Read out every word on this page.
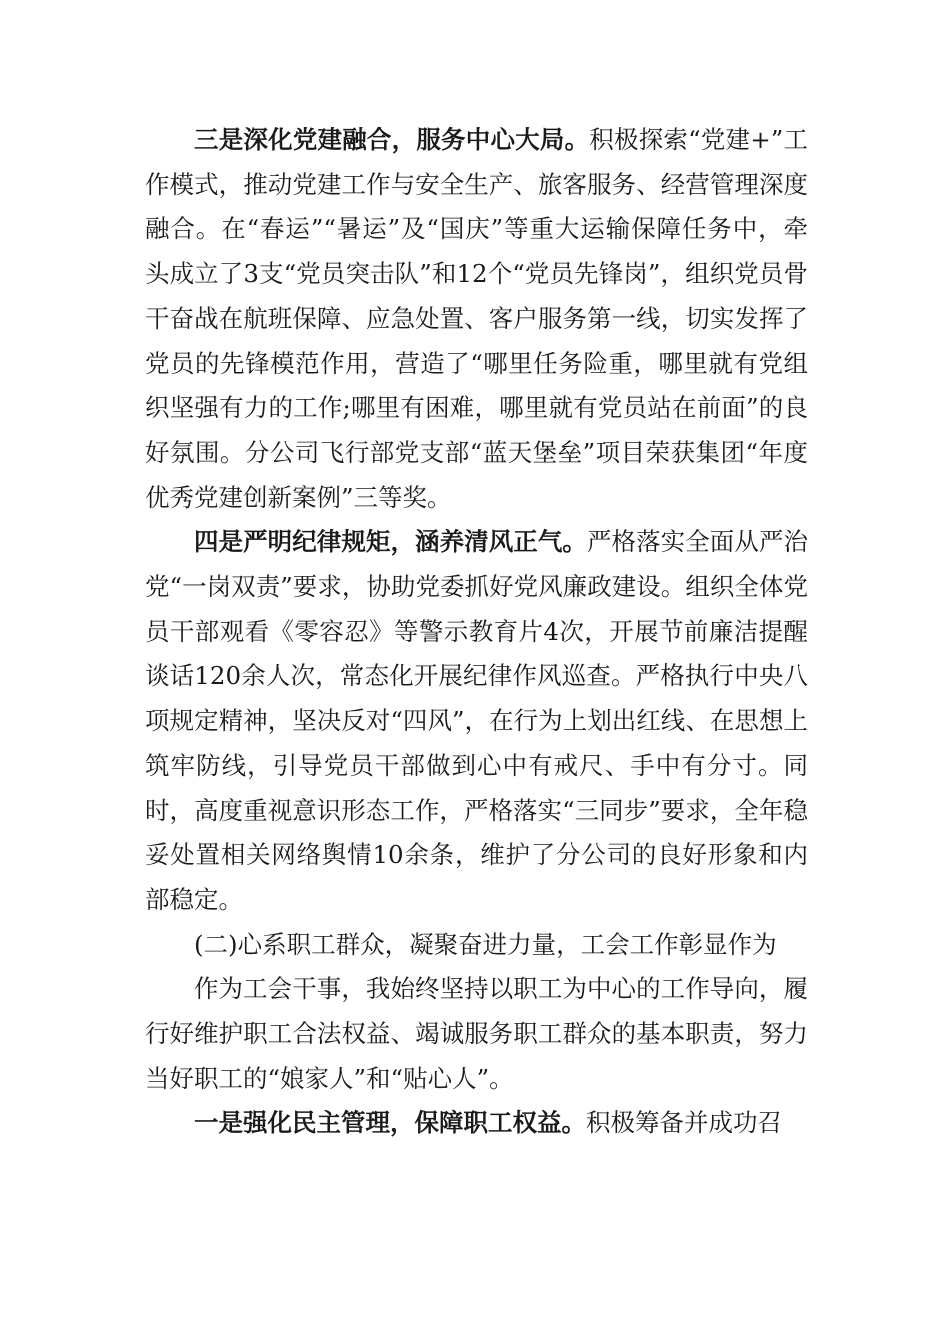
三是深化党建融合，服务中心大局。积极探索“党建+”工作模式，推动党建工作与安全生产、旅客服务、经营管理深度融合。在“春运”“暑运”及“国庆”等重大运输保障任务中，牵头成立了3支“党员突击队”和12个“党员先锋岗”，组织党员骨干奋战在航班保障、应急处置、客户服务第一线，切实发挥了党员的先锋模范作用，营造了“哪里任务险重，哪里就有党组织坚强有力的工作;哪里有困难，哪里就有党员站在前面”的良好氛围。分公司飞行部党支部“蓝天堡垒”项目荣获集团“年度优秀党建创新案例”三等奖。

四是严明纪律规矩，涵养清风正气。严格落实全面从严治党“一岗双责”要求，协助党委抓好党风廉政建设。组织全体党员干部观看《零容忍》等警示教育片4次，开展节前廉洁提醒谈话120余人次，常态化开展纪律作风巡查。严格执行中央八项规定精神，坚决反对“四风”，在行为上划出红线、在思想上筑牢防线，引导党员干部做到心中有戒尺、手中有分寸。同时，高度重视意识形态工作，严格落实“三同步”要求，全年稳妥处置相关网络舆情10余条，维护了分公司的良好形象和内部稳定。

(二)心系职工群众，凝聚奋进力量，工会工作彰显作为

作为工会干事，我始终坚持以职工为中心的工作导向，履行好维护职工合法权益、竭诚服务职工群众的基本职责，努力当好职工的“娘家人”和“贴心人”。

一是强化民主管理，保障职工权益。积极筹备并成功召
